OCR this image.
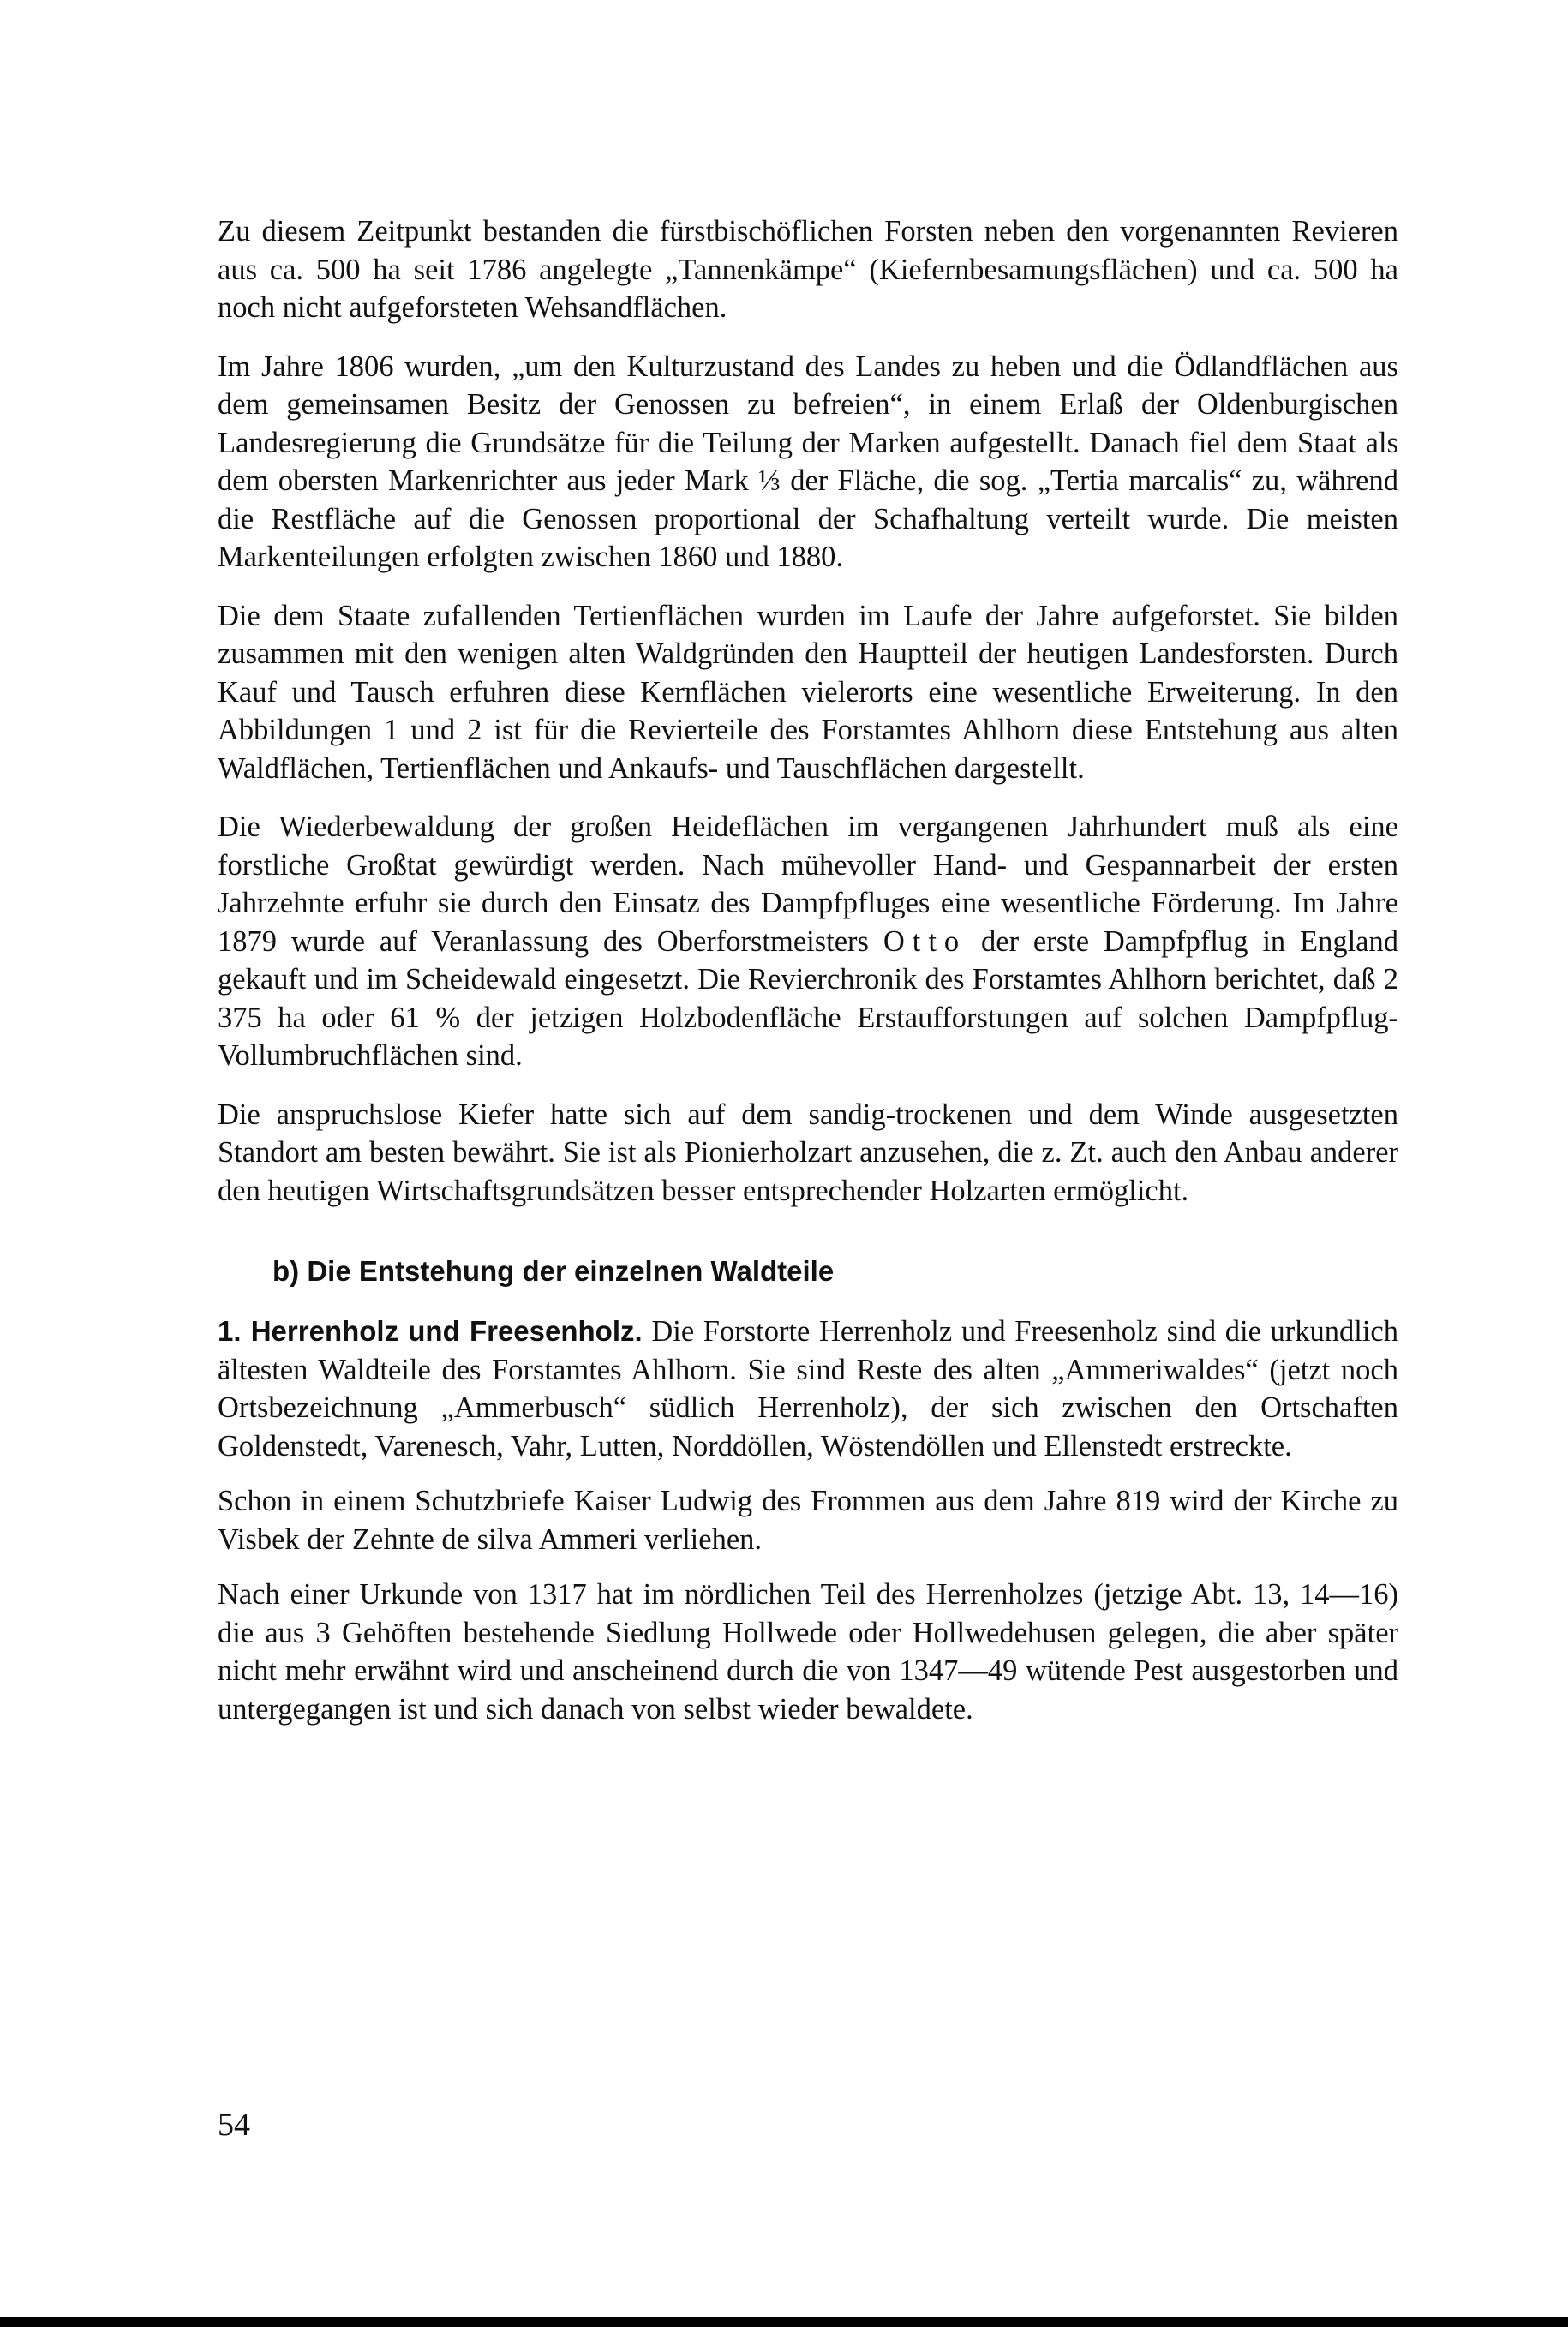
Zu diesem Zeitpunkt bestanden die fürstbischöflichen Forsten neben den vorgenannten Revieren aus ca. 500 ha seit 1786 angelegte „Tannenkämpe“ (Kiefernbesamungsflächen) und ca. 500 ha noch nicht aufgeforsteten Wehsandflächen.

Im Jahre 1806 wurden, „um den Kulturzustand des Landes zu heben und die Ödlandflächen aus dem gemeinsamen Besitz der Genossen zu befreien“, in einem Erlaß der Oldenburgischen Landesregierung die Grundsätze für die Teilung der Marken aufgestellt. Danach fiel dem Staat als dem obersten Markenrichter aus jeder Mark ⅓ der Fläche, die sog. „Tertia marcalis“ zu, während die Restfläche auf die Genossen proportional der Schafhaltung verteilt wurde. Die meisten Markenteilungen erfolgten zwischen 1860 und 1880.

Die dem Staate zufallenden Tertienflächen wurden im Laufe der Jahre aufgeforstet. Sie bilden zusammen mit den wenigen alten Waldgründen den Hauptteil der heutigen Landesforsten. Durch Kauf und Tausch erfuhren diese Kernflächen vielerorts eine wesentliche Erweiterung. In den Abbildungen 1 und 2 ist für die Revierteile des Forstamtes Ahlhorn diese Entstehung aus alten Waldflächen, Tertienflächen und Ankaufs- und Tauschflächen dargestellt.

Die Wiederbewaldung der großen Heideflächen im vergangenen Jahrhundert muß als eine forstliche Großtat gewürdigt werden. Nach mühevoller Hand- und Gespannarbeit der ersten Jahrzehnte erfuhr sie durch den Einsatz des Dampfpfluges eine wesentliche Förderung. Im Jahre 1879 wurde auf Veranlassung des Oberforstmeisters Otto der erste Dampfpflug in England gekauft und im Scheidewald eingesetzt. Die Revierchronik des Forstamtes Ahlhorn berichtet, daß 2 375 ha oder 61 % der jetzigen Holzbodenfläche Erstaufforstungen auf solchen Dampfpflug-Vollumbruchflächen sind.

Die anspruchslose Kiefer hatte sich auf dem sandig-trockenen und dem Winde ausgesetzten Standort am besten bewährt. Sie ist als Pionierholzart anzusehen, die z. Zt. auch den Anbau anderer den heutigen Wirtschaftsgrundsätzen besser entsprechender Holzarten ermöglicht.

b) Die Entstehung der einzelnen Waldteile

1. Herrenholz und Freesenholz. Die Forstorte Herrenholz und Freesenholz sind die urkundlich ältesten Waldteile des Forstamtes Ahlhorn. Sie sind Reste des alten „Ammeriwaldes“ (jetzt noch Ortsbezeichnung „Ammerbusch“ südlich Herrenholz), der sich zwischen den Ortschaften Goldenstedt, Varenesch, Vahr, Lutten, Norddöllen, Wöstendöllen und Ellenstedt erstreckte.

Schon in einem Schutzbriefe Kaiser Ludwig des Frommen aus dem Jahre 819 wird der Kirche zu Visbek der Zehnte de silva Ammeri verliehen.

Nach einer Urkunde von 1317 hat im nördlichen Teil des Herrenholzes (jetzige Abt. 13, 14—16) die aus 3 Gehöften bestehende Siedlung Hollwede oder Hollwedehusen gelegen, die aber später nicht mehr erwähnt wird und anscheinend durch die von 1347—49 wütende Pest ausgestorben und untergegangen ist und sich danach von selbst wieder bewaldete.

54
